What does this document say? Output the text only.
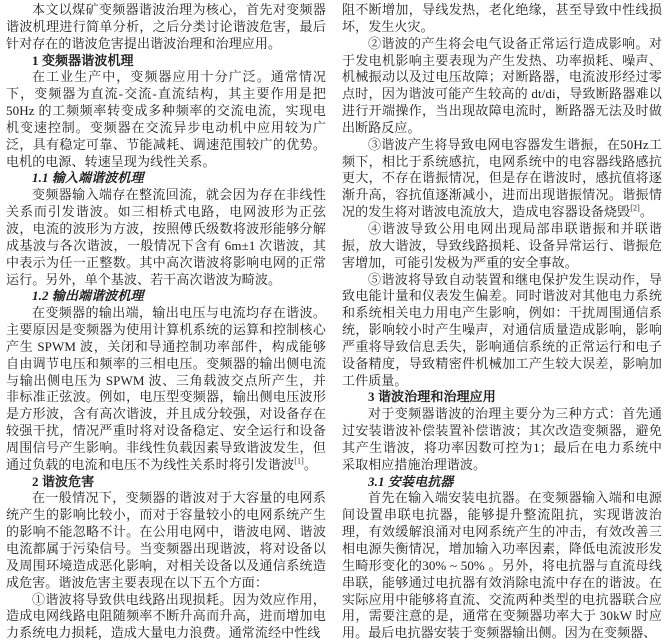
本文以煤矿变频器谐波治理为核心，首先对变频器谐波机理进行简单分析，之后分类讨论谐波危害，最后针对存在的谐波危害提出谐波治理和治理应用。
1 变频器谐波机理
在工业生产中，变频器应用十分广泛。通常情况下，变频器为直流-交流-直流结构，其主要作用是把50Hz 的工频频率转变成多种频率的交流电流，实现电机变速控制。变频器在交流异步电动机中应用较为广泛，具有稳定可靠、节能减耗、调速范围较广的优势。电机的电源、转速呈现为线性关系。
1.1 输入端谐波机理
变频器输入端存在整流回流，就会因为存在非线性关系而引发谐波。如三相桥式电路，电网波形为正弦波，电流的波形为方波，按照傅氏级数将波形能够分解成基波与各次谐波，一般情况下含有 6m±1 次谐波，其中表示为任一正整数。其中高次谐波将影响电网的正常运行。另外，单个基波、若干高次谐波为畸波。
1.2 输出端谐波机理
在变频器的输出端，输出电压与电流均存在谐波。主要原因是变频器为使用计算机系统的运算和控制核心产生 SPWM 波，关闭和导通控制功率部件，构成能够自由调节电压和频率的三相电压。变频器的输出侧电流与输出侧电压为 SPWM 波、三角载波交点所产生，并非标准正弦波。例如，电压型变频器，输出侧电压波形是方形波，含有高次谐波，并且成分较强，对设备存在较强干扰，情况严重时将对设备稳定、安全运行和设备周围信号产生影响。非线性负载因素导致谐波发生，但通过负载的电流和电压不为线性关系时将引发谐波[1]。
2 谐波危害
在一般情况下，变频器的谐波对于大容量的电网系统产生的影响比较小，而对于容量较小的电网系统产生的影响不能忽略不计。在公用电网中，谐波电网、谐波电流都属于污染信号。当变频器出现谐波，将对设备以及周围环境造成恶化影响，对相关设备以及通信系统造成危害。谐波危害主要表现在以下五个方面：
①谐波将导致供电线路出现损耗。因为效应作用，造成电网线路电阻随频率不断升高而升高，进而增加电力系统电力损耗，造成大量电力浪费。通常流经中性线
阻不断增加，导线发热，老化绝缘，甚至导致中性线损坏，发生火灾。
②谐波的产生将会电气设备正常运行造成影响。对于发电机影响主要表现为产生发热、功率损耗、噪声、机械振动以及过电压故障；对断路器，电流波形经过零点时，因为谐波可能产生较高的 dt/di，导致断路器难以进行开端操作，当出现故障电流时，断路器无法及时做出断路反应。
③谐波产生将导致电网电容器发生谐振，在50Hz工频下，相比于系统感抗，电网系统中的电容器线路感抗更大，不存在谐振情况，但是存在谐波时，感抗值将逐渐升高，容抗值逐渐减小，进而出现谐振情况。谐振情况的发生将对谐波电流放大，造成电容器设备烧毁[2]。
④谐波导致公用电网出现局部串联谐振和并联谐振，放大谐波，导致线路损耗、设备异常运行、谐振危害增加，可能引发极为严重的安全事故。
⑤谐波将导致自动装置和继电保护发生误动作，导致电能计量和仪表发生偏差。同时谐波对其他电力系统和系统相关电力用电产生影响，例如：干扰周围通信系统，影响较小时产生噪声，对通信质量造成影响，影响严重将导致信息丢失，影响通信系统的正常运行和电子设备精度，导致精密件机械加工产生较大误差，影响加工件质量。
3 谐波治理和治理应用
对于变频器谐波的治理主要分为三种方式：首先通过安装谐波补偿装置补偿谐波；其次改造变频器，避免其产生谐波，将功率因数可控为1；最后在电力系统中采取相应措施治理谐波。
3.1 安装电抗器
首先在输入端安装电抗器。在变频器输入端和电源间设置串联电抗器，能够提升整流阻抗，实现谐波治理，有效缓解浪涌对电网系统产生的冲击，有效改善三相电源失衡情况，增加输入功率因素，降低电流波形发生畸形变化的30% ~ 50% 。另外，将电抗器与直流母线串联，能够通过电抗器有效消除电流中存在的谐波。在实际应用中能够将直流、交流两种类型的电抗器联合应用，需要注意的是，通常在变频器功率大于 30kW 时应用。最后电抗器安装于变频器输出侧。因为在变频器、
